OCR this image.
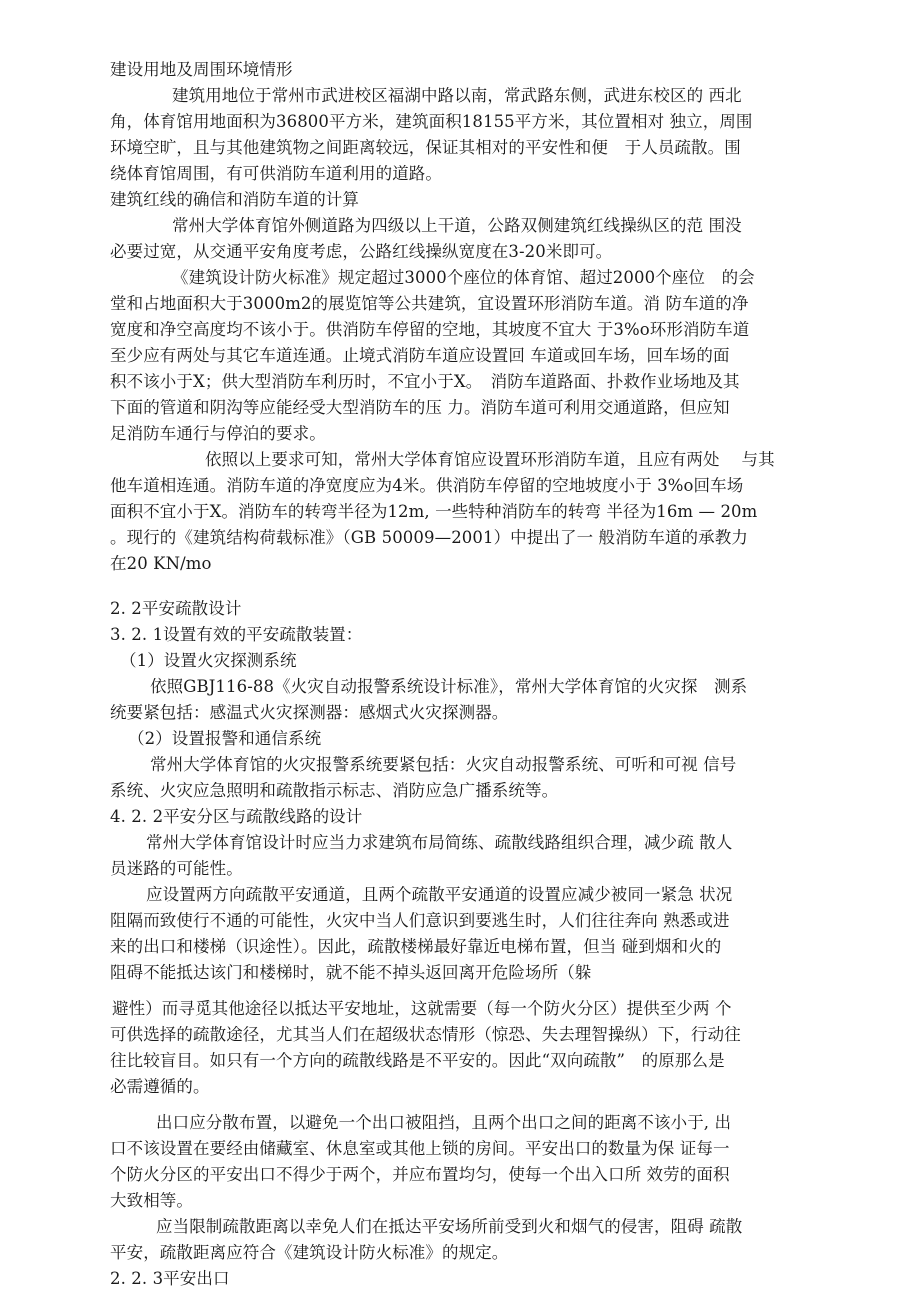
建设用地及周围环境情形
建筑用地位于常州市武进校区福湖中路以南，常武路东侧，武进东校区的 西北
角，体育馆用地面积为36800平方米，建筑面积18155平方米，其位置相对 独立，周围
环境空旷，且与其他建筑物之间距离较远，保证其相对的平安性和便　于人员疏散。围
绕体育馆周围，有可供消防车道利用的道路。
建筑红线的确信和消防车道的计算
常州大学体育馆外侧道路为四级以上干道，公路双侧建筑红线操纵区的范 围没
必要过宽，从交通平安角度考虑，公路红线操纵宽度在3-20米即可。
《建筑设计防火标准》规定超过3000个座位的体育馆、超过2000个座位　的会
堂和占地面积大于3000m2的展览馆等公共建筑，宜设置环形消防车道。消 防车道的净
宽度和净空高度均不该小于。供消防车停留的空地，其坡度不宜大 于3%o环形消防车道
至少应有两处与其它车道连通。止境式消防车道应设置回 车道或回车场，回车场的面
积不该小于X；供大型消防车利历时，不宜小于X。　消防车道路面、扑救作业场地及其
下面的管道和阴沟等应能经受大型消防车的压 力。消防车道可利用交通道路，但应知
足消防车通行与停泊的要求。
依照以上要求可知，常州大学体育馆应设置环形消防车道，且应有两处　 与其
他车道相连通。消防车道的净宽度应为4米。供消防车停留的空地坡度小于 3%o回车场
面积不宜小于X。消防车的转弯半径为12m, 一些特种消防车的转弯 半径为16m — 20m
。现行的《建筑结构荷载标准》（GB 50009—2001）中提出了一 般消防车道的承教力
在20 KN/mo
2. 2平安疏散设计
3. 2. 1设置有效的平安疏散装置：
（1）设置火灾探测系统
依照GBJ116-88《火灾自动报警系统设计标准》，常州大学体育馆的火灾探　测系
统要紧包括：感温式火灾探测器：感烟式火灾探测器。
（2）设置报警和通信系统
常州大学体育馆的火灾报警系统要紧包括：火灾自动报警系统、可听和可视 信号
系统、火灾应急照明和疏散指示标志、消防应急广播系统等。
4. 2. 2平安分区与疏散线路的设计
常州大学体育馆设计时应当力求建筑布局简练、疏散线路组织合理，减少疏 散人
员迷路的可能性。
应设置两方向疏散平安通道，且两个疏散平安通道的设置应减少被同一紧急 状况
阻隔而致使行不通的可能性，火灾中当人们意识到要逃生时，人们往往奔向 熟悉或进
来的出口和楼梯（识途性）。因此，疏散楼梯最好靠近电梯布置，但当 碰到烟和火的
阻碍不能抵达该门和楼梯时，就不能不掉头返回离开危险场所（躲
避性）而寻觅其他途径以抵达平安地址，这就需要（每一个防火分区）提供至少两 个
可供选择的疏散途径，尤其当人们在超级状态情形（惊恐、失去理智操纵）下，行动往
往比较盲目。如只有一个方向的疏散线路是不平安的。因此“双向疏散”　的原那么是
必需遵循的。
出口应分散布置，以避免一个出口被阻挡，且两个出口之间的距离不该小于, 出
口不该设置在要经由储藏室、休息室或其他上锁的房间。平安出口的数量为保 证每一
个防火分区的平安出口不得少于两个，并应布置均匀，使每一个出入口所 效劳的面积
大致相等。
应当限制疏散距离以幸免人们在抵达平安场所前受到火和烟气的侵害，阻碍 疏散
平安，疏散距离应符合《建筑设计防火标准》的规定。
2. 2. 3平安出口
